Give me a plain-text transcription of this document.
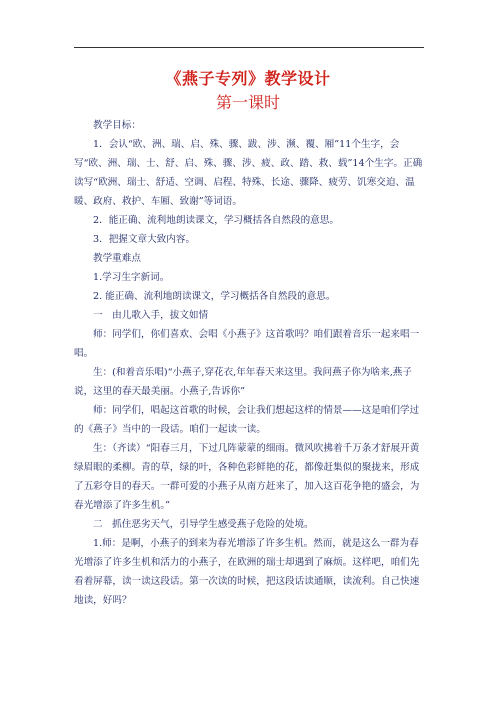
《燕子专列》教学设计
第一课时

教学目标：

1．会认“欧、洲、瑞、启、殊、骤、跋、涉、濒、覆、厢”11个生字，会写“欧、洲、瑞、士、舒、启、殊、骤、涉、疲、政、踏、救、载”14个生字。正确读写“欧洲、瑞士、舒适、空调、启程、特殊、长途、骤降、疲劳、饥寒交迫、温暖、政府、救护、车厢、致谢”等词语。

2．能正确、流利地朗读课文，学习概括各自然段的意思。

3．把握文章大致内容。

教学重难点

1.学习生字新词。

2. 能正确、流利地朗读课文，学习概括各自然段的意思。

一　由儿歌入手，拔文如情

师：同学们，你们喜欢、会唱《小燕子》这首歌吗？咱们跟着音乐一起来唱一唱。

生：(和着音乐唱)“小燕子,穿花衣,年年春天来这里。我问燕子你为啥来,燕子说，这里的春天最美丽。小燕子,告诉你”

师：同学们，唱起这首歌的时候，会让我们想起这样的情景——这是咱们学过的《燕子》当中的一段话。咱们一起读一读。

生：（齐读）“阳春三月，下过几阵蒙蒙的细雨。微风吹拂着千万条才舒展开黄绿眉眼的柔柳。青的草，绿的叶，各种色彩鲜艳的花，都像赶集似的聚拢来，形成了五彩夺目的春天。一群可爱的小燕子从南方赶来了，加入这百花争艳的盛会，为春光增添了许多生机。”

二　抓住恶劣天气，引导学生感受燕子危险的处境。

1.师：是啊，小燕子的到来为春光增添了许多生机。然而，就是这么一群为春光增添了许多生机和活力的小燕子，在欧洲的瑞士却遇到了麻烦。这样吧，咱们先看着屏幕，读一读这段话。第一次读的时候，把这段话读通顺，读流利。自己快速地读，好吗？
